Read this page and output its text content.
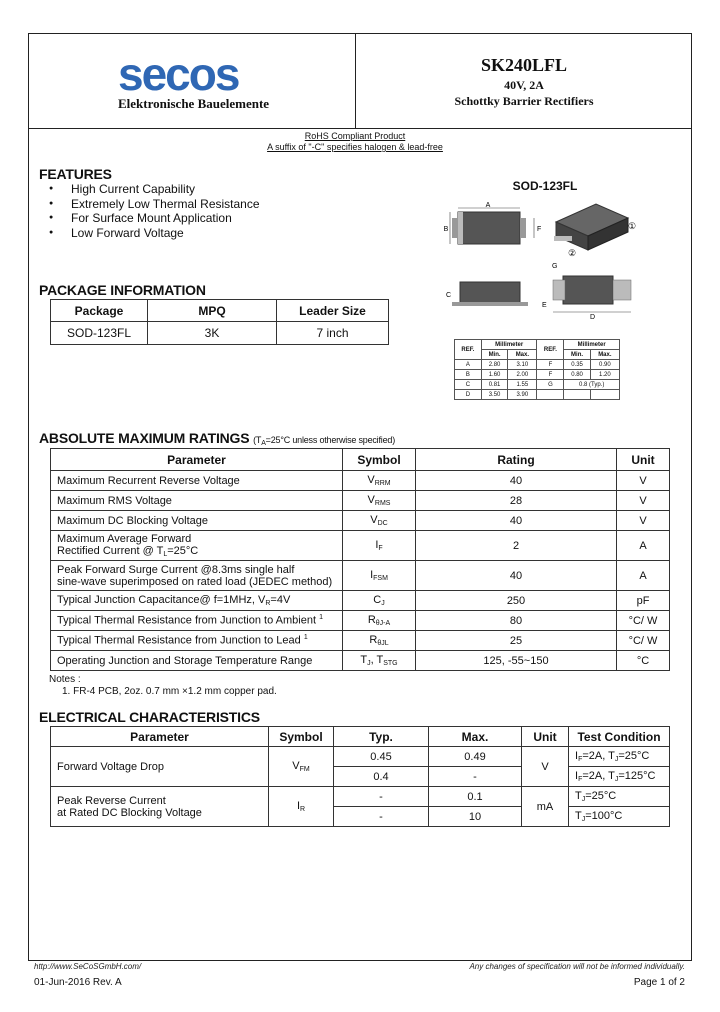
secos
Elektronische Bauelemente
SK240LFL
40V, 2A
Schottky Barrier Rectifiers
RoHS Compliant Product
A suffix of "-C" specifies halogen & lead-free
FEATURES
● High Current Capability
● Extremely Low Thermal Resistance
● For Surface Mount Application
● Low Forward Voltage
SOD-123FL
A
B	F	①
②
G
D
E
C
REF.	Millimeter		REF.	Millimeter	
	Min.	Max.		Min.	Max.
A	2.80	3.10	F	0.35	0.90
B	1.60	2.00	F	0.80	1.20
C	0.81	1.55	G	0.8 (Typ.)	
D	3.50	3.90			
PACKAGE INFORMATION
Package	MPQ	Leader Size
SOD-123FL	3K	7 inch
ABSOLUTE MAXIMUM RATINGS ($T_A=25^\circ C$ unless otherwise specified)
Parameter	Symbol	Rating	Unit
Maximum Recurrent Reverse Voltage	VRRM	40	V
Maximum RMS Voltage	VRMS	28	V
Maximum DC Blocking Voltage	VDC	40	V

Maximum Average Forward
Rectified Current @ TL=25°C	IF	2	A

Peak Forward Surge Current @8.3ms single half
sine-wave superimposed on rated load (JEDEC method)	IFSM	40	A
Typical Junction Capacitance@ f=1MHz, VR=4V	CJ	250	pF
Typical Thermal Resistance from Junction to Ambient $^1$	RθJ-A	80	°C/ W
Typical Thermal Resistance from Junction to Lead $^1$	RθJL	25	°C/ W
Operating Junction and Storage Temperature Range	TJ, TSTG	125, -55~150	°C
Notes :
1. FR-4 PCB, 2oz. 0.7 mm ×1.2 mm copper pad.
ELECTRICAL CHARACTERISTICS
Parameter	Symbol	Typ.	Max.	Unit	Test Condition
Forward Voltage Drop	VFM	0.45	0.49	V	IF=2A, TJ=25°C
		0.4	-		IF=2A, TJ=125°C

Peak Reverse Current
at Rated DC Blocking Voltage	IR	-	0.1	mA	TJ=25°C
		-	10		TJ=100°C
http://www.SeCoSGmbH.com/	Any changes of specification will not be informed individually.
01-Jun-2016 Rev. A	Page 1 of 2
